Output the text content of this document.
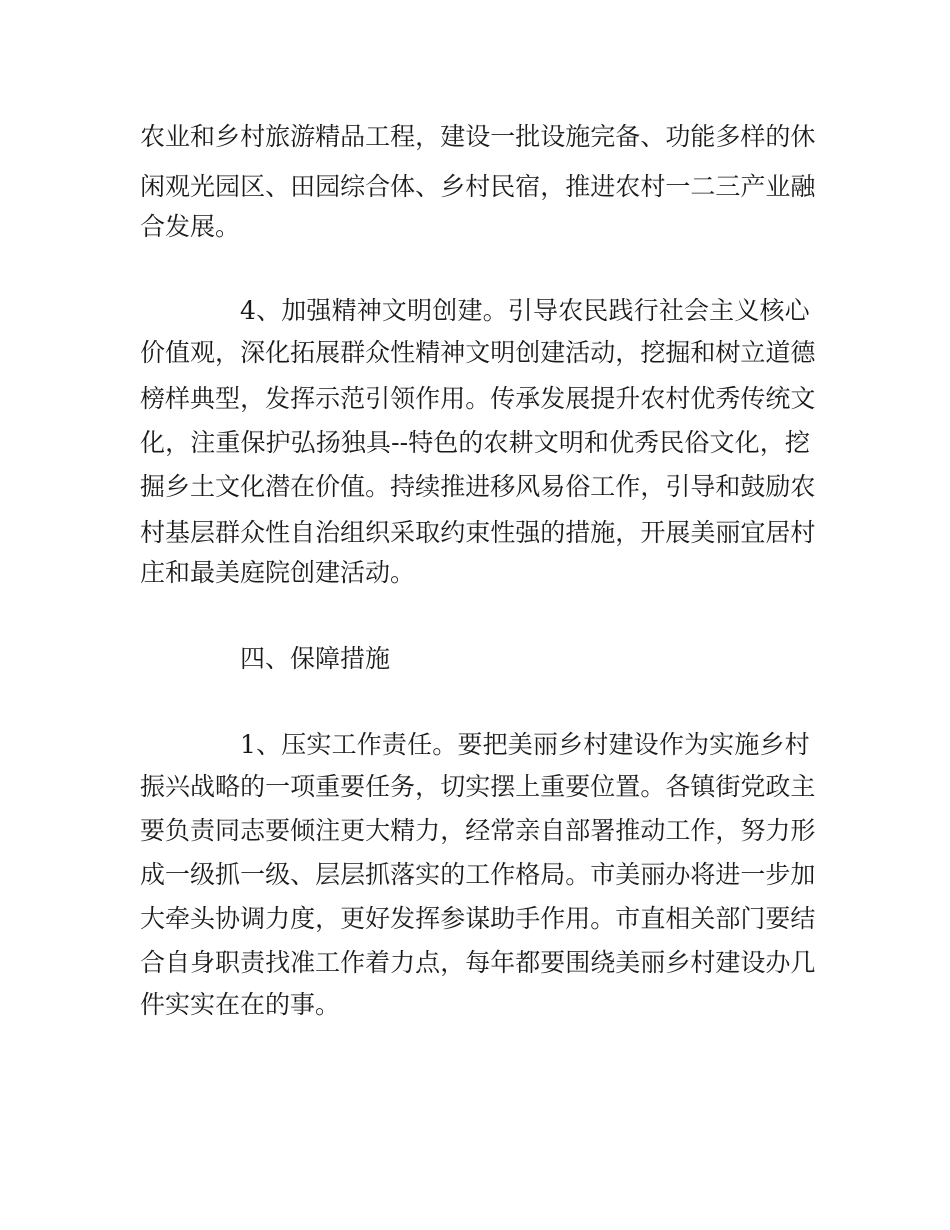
农 业 和 乡 村 旅 游 精 品 工 程 ， 建 设 一 批 设 施 完 备 、 功 能 多 样 的 休
闲 观 光 园 区 、 田 园 综 合 体 、 乡 村 民 宿 ， 推 进 农 村 一 二 三 产 业 融
合发展。
4 、 加 强 精 神 文 明 创 建 。 引 导 农 民 践 行 社 会 主 义 核 心
价 值 观 ， 深 化 拓 展 群 众 性 精 神 文 明 创 建 活 动 ， 挖 掘 和 树 立 道 德
榜 样 典 型 ， 发 挥 示 范 引 领 作 用 。 传 承 发 展 提 升 农 村 优 秀 传 统 文
化 ， 注 重 保 护 弘 扬 独 具 - - 特 色 的 农 耕 文 明 和 优 秀 民 俗 文 化 ， 挖
掘 乡 土 文 化 潜 在 价 值 。 持 续 推 进 移 风 易 俗 工 作 ， 引 导 和 鼓 励 农
村 基 层 群 众 性 自 治 组 织 采 取 约 束 性 强 的 措 施 ， 开 展 美 丽 宜 居 村
庄和最美庭院创建活动。
四、保障措施
1 、 压 实 工 作 责 任 。 要 把 美 丽 乡 村 建 设 作 为 实 施 乡 村
振 兴 战 略 的 一 项 重 要 任 务 ， 切 实 摆 上 重 要 位 置 。 各 镇 街 党 政 主
要 负 责 同 志 要 倾 注 更 大 精 力 ， 经 常 亲 自 部 署 推 动 工 作 ， 努 力 形
成 一 级 抓 一 级 、 层 层 抓 落 实 的 工 作 格 局 。 市 美 丽 办 将 进 一 步 加
大 牵 头 协 调 力 度 ， 更 好 发 挥 参 谋 助 手 作 用 。 市 直 相 关 部 门 要 结
合 自 身 职 责 找 准 工 作 着 力 点 ， 每 年 都 要 围 绕 美 丽 乡 村 建 设 办 几
件实实在在的事。
